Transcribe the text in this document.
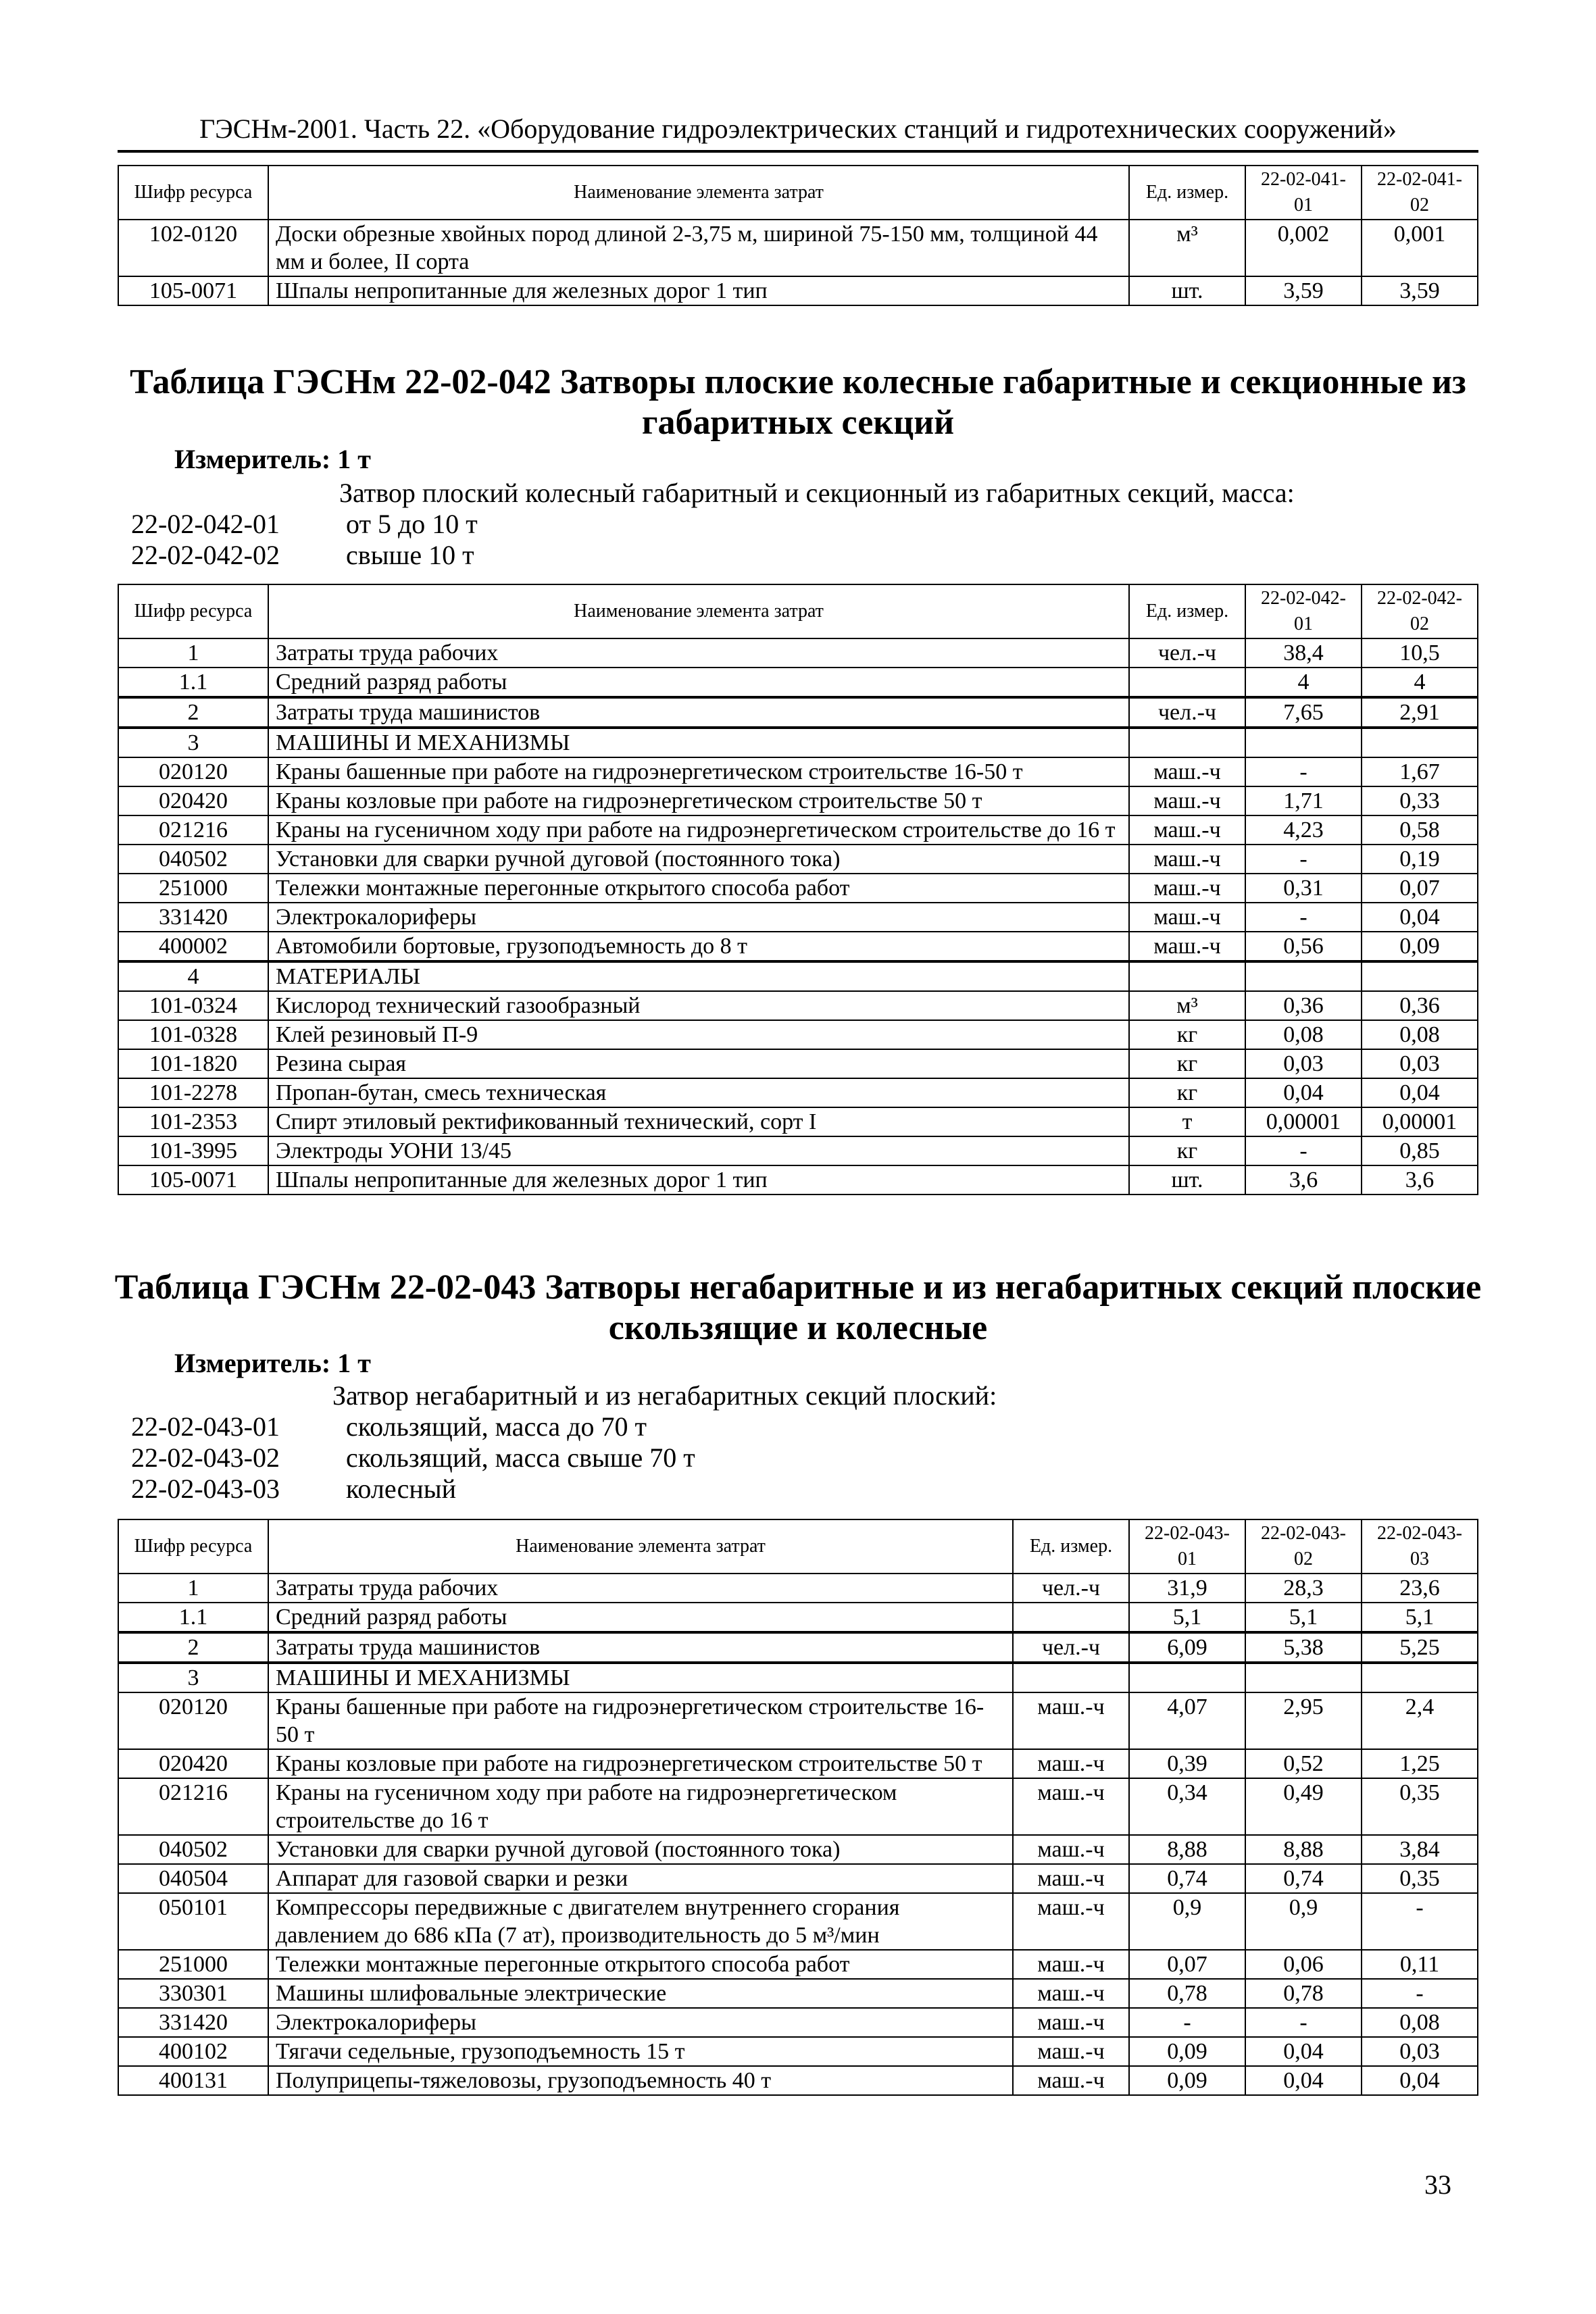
ГЭСНм-2001. Часть 22. «Оборудование гидроэлектрических станций и гидротехнических сооружений»
Шифр ресурса	Наименование элемента затрат	Ед. измер.	22-02-041-01	22-02-041-02
102-0120	Доски обрезные хвойных пород длиной 2-3,75 м, шириной 75-150 мм, толщиной 44 мм и более, II сорта	м³	0,002	0,001
105-0071	Шпалы непропитанные для железных дорог 1 тип	шт.	3,59	3,59
Таблица ГЭСНм 22-02-042 Затворы плоские колесные габаритные и секционные из габаритных секций
Измеритель: 1 т
Затвор плоский колесный габаритный и секционный из габаритных секций, масса:
22-02-042-01 от 5 до 10 т
22-02-042-02 свыше 10 т
Шифр ресурса	Наименование элемента затрат	Ед. измер.	22-02-042-01	22-02-042-02
1	Затраты труда рабочих	чел.-ч	38,4	10,5
1.1	Средний разряд работы		4	4
2	Затраты труда машинистов	чел.-ч	7,65	2,91
3	МАШИНЫ И МЕХАНИЗМЫ			
020120	Краны башенные при работе на гидроэнергетическом строительстве 16-50 т	маш.-ч	-	1,67
020420	Краны козловые при работе на гидроэнергетическом строительстве 50 т	маш.-ч	1,71	0,33
021216	Краны на гусеничном ходу при работе на гидроэнергетическом строительстве до 16 т	маш.-ч	4,23	0,58
040502	Установки для сварки ручной дуговой (постоянного тока)	маш.-ч	-	0,19
251000	Тележки монтажные перегонные открытого способа работ	маш.-ч	0,31	0,07
331420	Электрокалориферы	маш.-ч	-	0,04
400002	Автомобили бортовые, грузоподъемность до 8 т	маш.-ч	0,56	0,09
4	МАТЕРИАЛЫ			
101-0324	Кислород технический газообразный	м³	0,36	0,36
101-0328	Клей резиновый П-9	кг	0,08	0,08
101-1820	Резина сырая	кг	0,03	0,03
101-2278	Пропан-бутан, смесь техническая	кг	0,04	0,04
101-2353	Спирт этиловый ректификованный технический, сорт I	т	0,00001	0,00001
101-3995	Электроды УОНИ 13/45	кг	-	0,85
105-0071	Шпалы непропитанные для железных дорог 1 тип	шт.	3,6	3,6
Таблица ГЭСНм 22-02-043 Затворы негабаритные и из негабаритных секций плоские скользящие и колесные
Измеритель: 1 т
Затвор негабаритный и из негабаритных секций плоский:
22-02-043-01 скользящий, масса до 70 т
22-02-043-02 скользящий, масса свыше 70 т
22-02-043-03 колесный
Шифр ресурса	Наименование элемента затрат	Ед. измер.	22-02-043-01	22-02-043-02	22-02-043-03
1	Затраты труда рабочих	чел.-ч	31,9	28,3	23,6
1.1	Средний разряд работы		5,1	5,1	5,1
2	Затраты труда машинистов	чел.-ч	6,09	5,38	5,25
3	МАШИНЫ И МЕХАНИЗМЫ				
020120	Краны башенные при работе на гидроэнергетическом строительстве 16-50 т	маш.-ч	4,07	2,95	2,4
020420	Краны козловые при работе на гидроэнергетическом строительстве 50 т	маш.-ч	0,39	0,52	1,25
021216	Краны на гусеничном ходу при работе на гидроэнергетическом строительстве до 16 т	маш.-ч	0,34	0,49	0,35
040502	Установки для сварки ручной дуговой (постоянного тока)	маш.-ч	8,88	8,88	3,84
040504	Аппарат для газовой сварки и резки	маш.-ч	0,74	0,74	0,35
050101	Компрессоры передвижные с двигателем внутреннего сгорания давлением до 686 кПа (7 ат), производительность до 5 м³/мин	маш.-ч	0,9	0,9	-
251000	Тележки монтажные перегонные открытого способа работ	маш.-ч	0,07	0,06	0,11
330301	Машины шлифовальные электрические	маш.-ч	0,78	0,78	-
331420	Электрокалориферы	маш.-ч	-	-	0,08
400102	Тягачи седельные, грузоподъемность 15 т	маш.-ч	0,09	0,04	0,03
400131	Полуприцепы-тяжеловозы, грузоподъемность 40 т	маш.-ч	0,09	0,04	0,04
33
